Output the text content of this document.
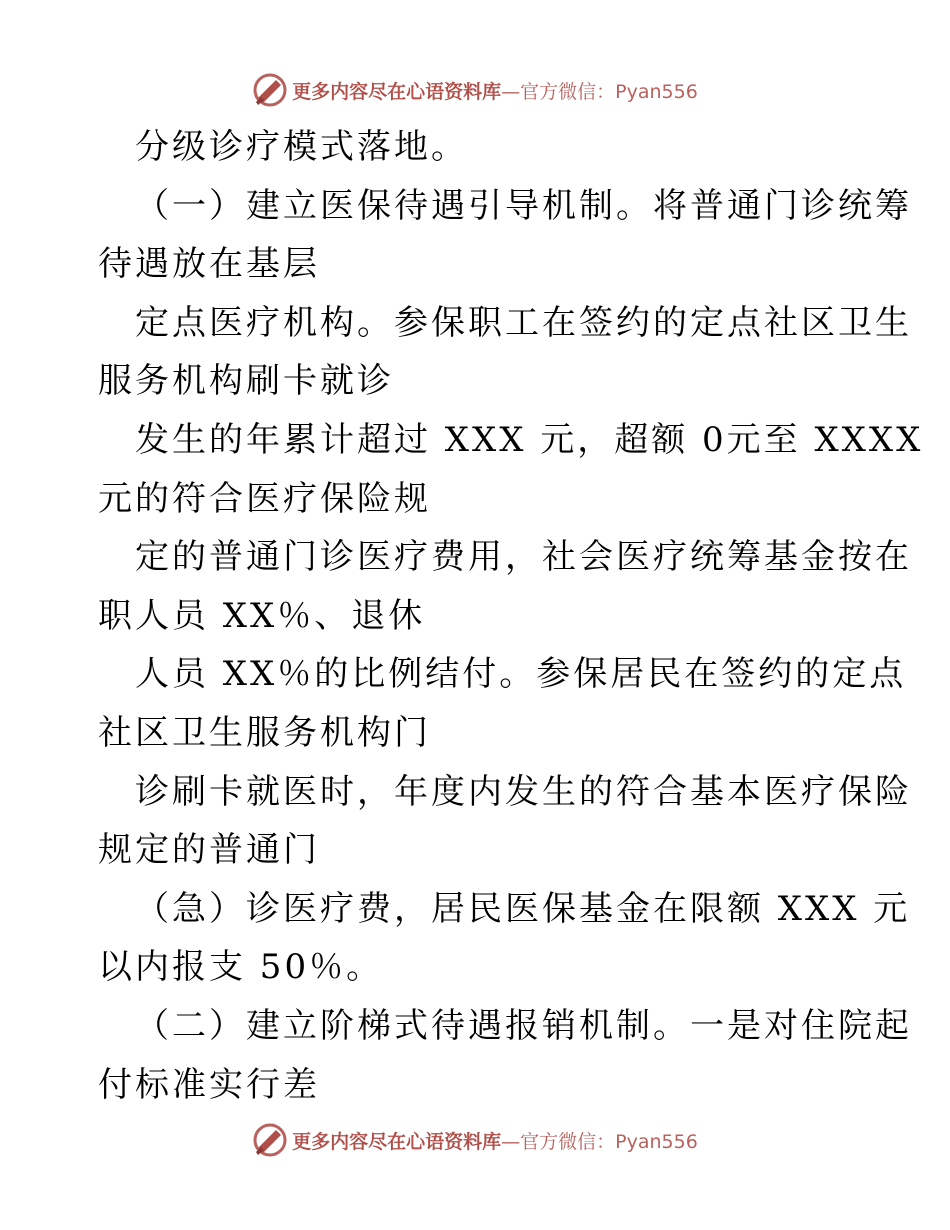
更多内容尽在心语资料库—官方微信：Pyan556
分级诊疗模式落地。
（一）建立医保待遇引导机制。将普通门诊统筹
待遇放在基层
定点医疗机构。参保职工在签约的定点社区卫生
服务机构刷卡就诊
发生的年累计超过 XXX 元，超额 0元至 XXXX
元的符合医疗保险规
定的普通门诊医疗费用，社会医疗统筹基金按在
职人员 XX％、退休
人员 XX％的比例结付。参保居民在签约的定点
社区卫生服务机构门
诊刷卡就医时，年度内发生的符合基本医疗保险
规定的普通门
（急）诊医疗费，居民医保基金在限额 XXX 元
以内报支 50％。
（二）建立阶梯式待遇报销机制。一是对住院起
付标准实行差
更多内容尽在心语资料库—官方微信：Pyan556
